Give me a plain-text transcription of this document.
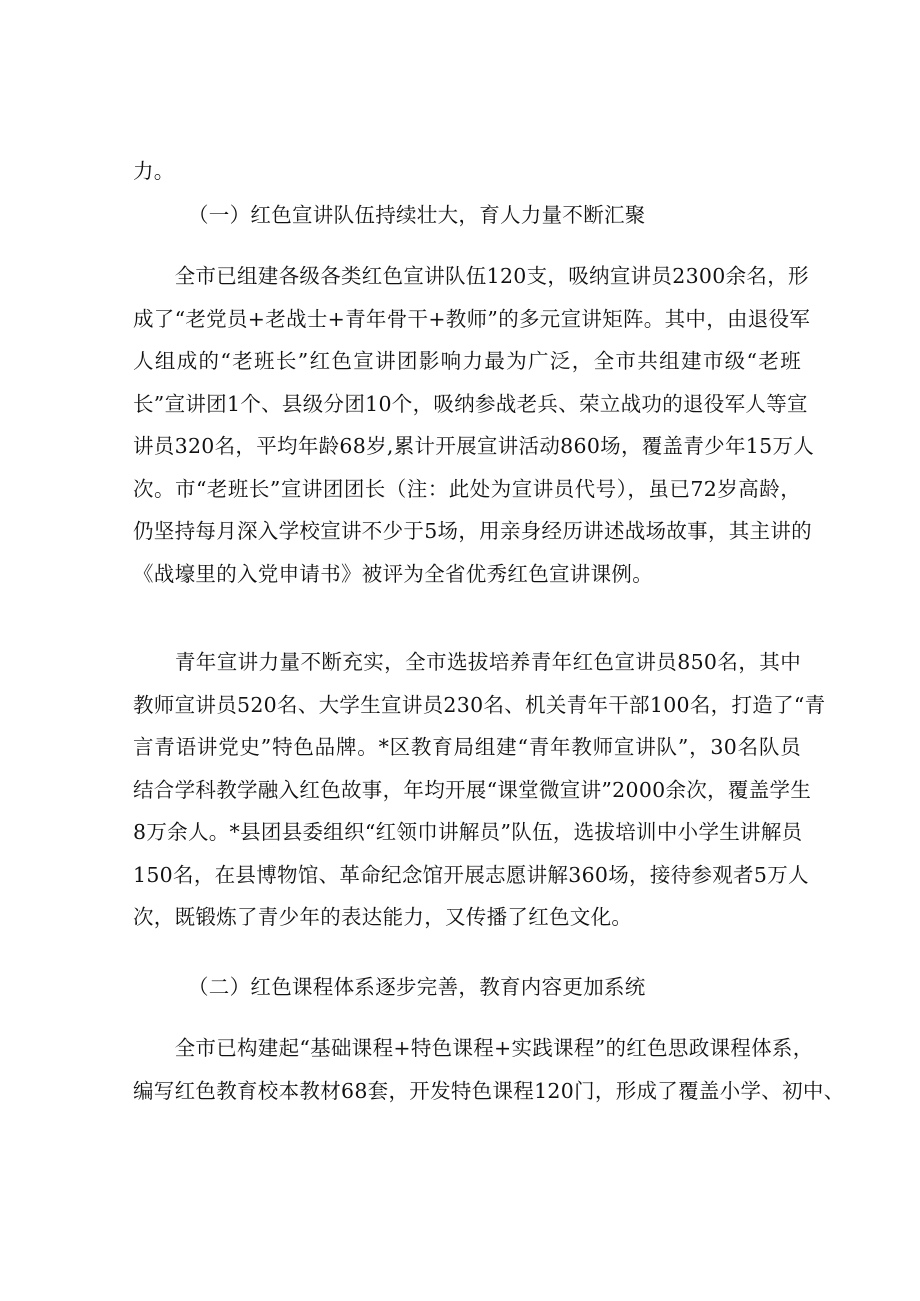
力。

（一）红色宣讲队伍持续壮大，育人力量不断汇聚

　　全市已组建各级各类红色宣讲队伍120支，吸纳宣讲员2300余名，形
成了“老党员+老战士+青年骨干+教师”的多元宣讲矩阵。其中，由退役军
人组成的“老班长”红色宣讲团影响力最为广泛，全市共组建市级“老班
长”宣讲团1个、县级分团10个，吸纳参战老兵、荣立战功的退役军人等宣
讲员320名，平均年龄68岁,累计开展宣讲活动860场，覆盖青少年15万人
次。市“老班长”宣讲团团长（注：此处为宣讲员代号），虽已72岁高龄，
仍坚持每月深入学校宣讲不少于5场，用亲身经历讲述战场故事，其主讲的
《战壕里的入党申请书》被评为全省优秀红色宣讲课例。

　　青年宣讲力量不断充实，全市选拔培养青年红色宣讲员850名，其中
教师宣讲员520名、大学生宣讲员230名、机关青年干部100名，打造了“青
言青语讲党史”特色品牌。*区教育局组建“青年教师宣讲队”，30名队员
结合学科教学融入红色故事，年均开展“课堂微宣讲”2000余次，覆盖学生
8万余人。*县团县委组织“红领巾讲解员”队伍，选拔培训中小学生讲解员
150名，在县博物馆、革命纪念馆开展志愿讲解360场，接待参观者5万人
次，既锻炼了青少年的表达能力，又传播了红色文化。

（二）红色课程体系逐步完善，教育内容更加系统

　　全市已构建起“基础课程+特色课程+实践课程”的红色思政课程体系，
编写红色教育校本教材68套，开发特色课程120门，形成了覆盖小学、初中、
